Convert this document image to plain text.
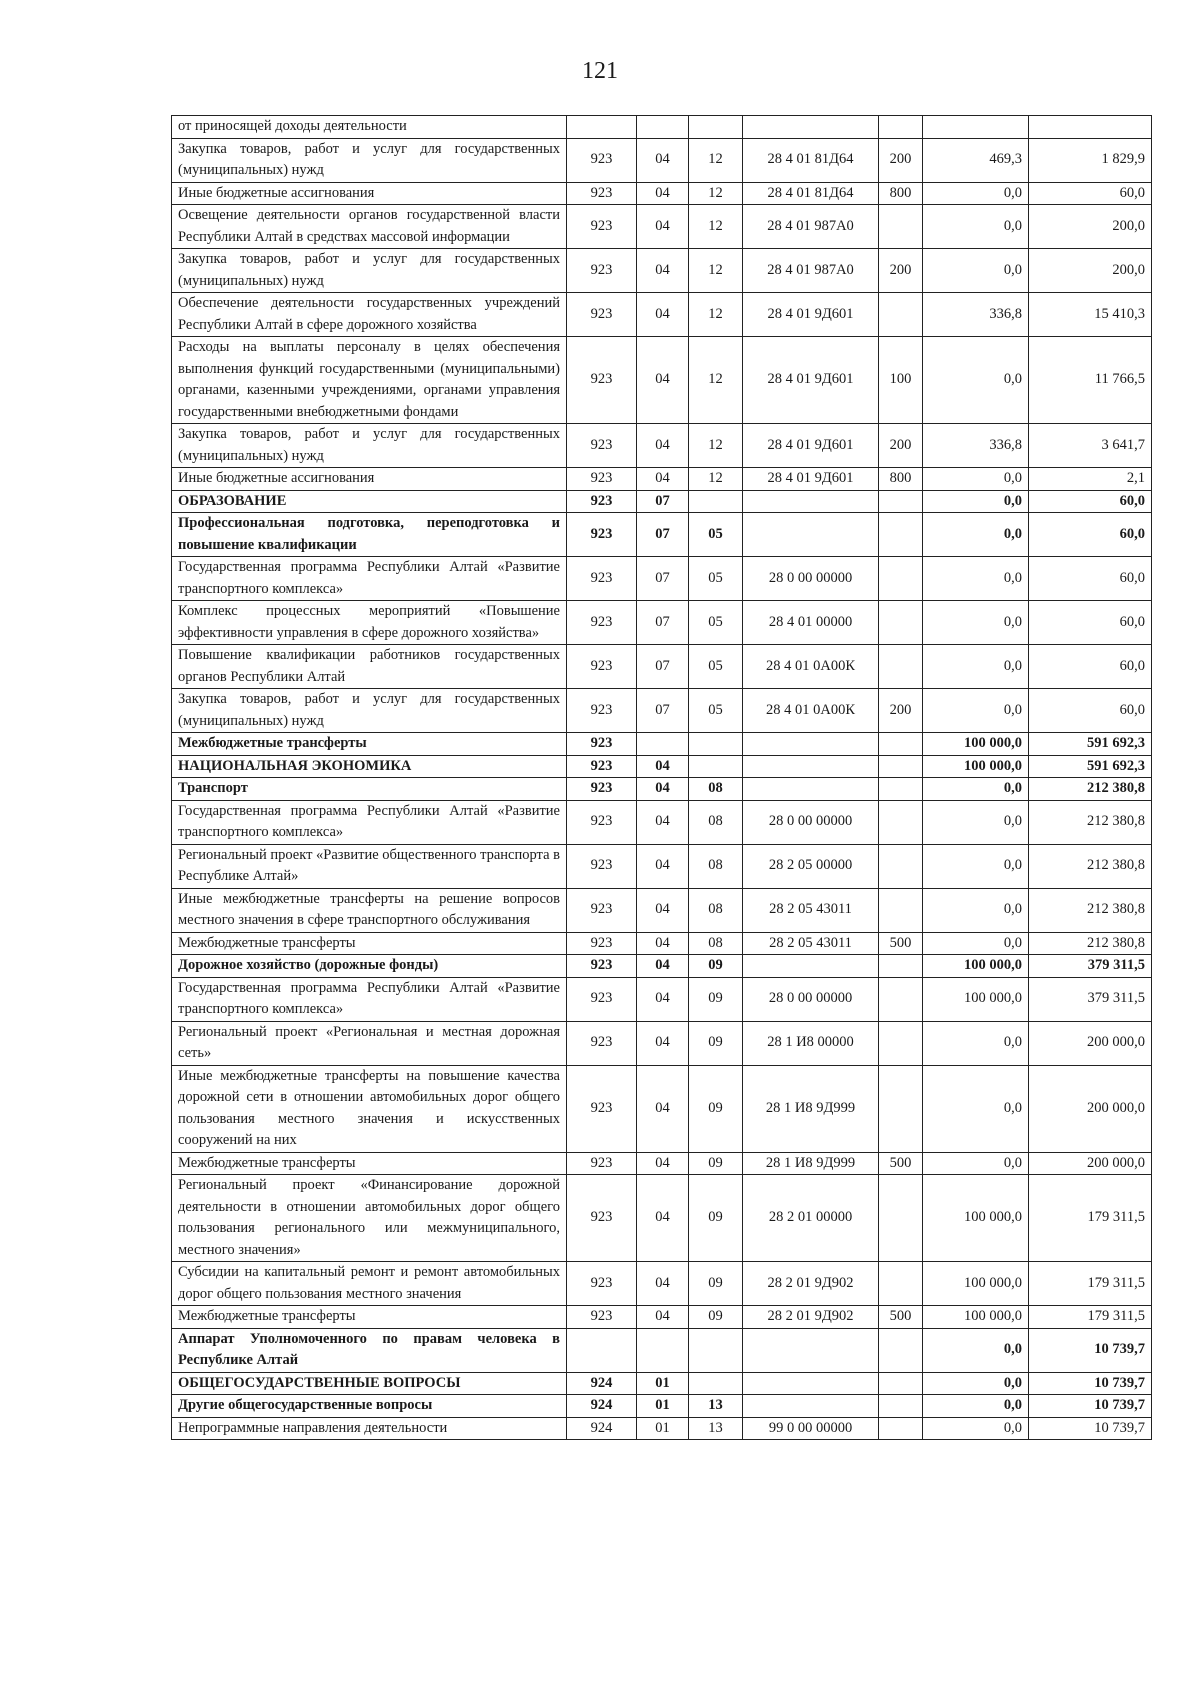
121
от приносящей доходы деятельности							
Закупка товаров, работ и услуг для государственных (муниципальных) нужд	923	04	12	28 4 01 81Д64	200	469,3	1 829,9
Иные бюджетные ассигнования	923	04	12	28 4 01 81Д64	800	0,0	60,0
Освещение деятельности органов государственной власти Республики Алтай в средствах массовой информации	923	04	12	28 4 01 987А0		0,0	200,0
Закупка товаров, работ и услуг для государственных (муниципальных) нужд	923	04	12	28 4 01 987А0	200	0,0	200,0
Обеспечение деятельности государственных учреждений Республики Алтай в сфере дорожного хозяйства	923	04	12	28 4 01 9Д601		336,8	15 410,3
Расходы на выплаты персоналу в целях обеспечения выполнения функций государственными (муниципальными) органами, казенными учреждениями, органами управления государственными внебюджетными фондами	923	04	12	28 4 01 9Д601	100	0,0	11 766,5
Закупка товаров, работ и услуг для государственных (муниципальных) нужд	923	04	12	28 4 01 9Д601	200	336,8	3 641,7
Иные бюджетные ассигнования	923	04	12	28 4 01 9Д601	800	0,0	2,1
ОБРАЗОВАНИЕ	923	07				0,0	60,0
Профессиональная подготовка, переподготовка и повышение квалификации	923	07	05			0,0	60,0
Государственная программа Республики Алтай «Развитие транспортного комплекса»	923	07	05	28 0 00 00000		0,0	60,0
Комплекс процессных мероприятий «Повышение эффективности управления в сфере дорожного хозяйства»	923	07	05	28 4 01 00000		0,0	60,0
Повышение квалификации работников государственных органов Республики Алтай	923	07	05	28 4 01 0А00К		0,0	60,0
Закупка товаров, работ и услуг для государственных (муниципальных) нужд	923	07	05	28 4 01 0А00К	200	0,0	60,0
Межбюджетные трансферты	923					100 000,0	591 692,3
НАЦИОНАЛЬНАЯ ЭКОНОМИКА	923	04				100 000,0	591 692,3
Транспорт	923	04	08			0,0	212 380,8
Государственная программа Республики Алтай «Развитие транспортного комплекса»	923	04	08	28 0 00 00000		0,0	212 380,8
Региональный проект «Развитие общественного транспорта в Республике Алтай»	923	04	08	28 2 05 00000		0,0	212 380,8
Иные межбюджетные трансферты на решение вопросов местного значения в сфере транспортного обслуживания	923	04	08	28 2 05 43011		0,0	212 380,8
Межбюджетные трансферты	923	04	08	28 2 05 43011	500	0,0	212 380,8
Дорожное хозяйство (дорожные фонды)	923	04	09			100 000,0	379 311,5
Государственная программа Республики Алтай «Развитие транспортного комплекса»	923	04	09	28 0 00 00000		100 000,0	379 311,5
Региональный проект «Региональная и местная дорожная сеть»	923	04	09	28 1 И8 00000		0,0	200 000,0
Иные межбюджетные трансферты на повышение качества дорожной сети в отношении автомобильных дорог общего пользования местного значения и искусственных сооружений на них	923	04	09	28 1 И8 9Д999		0,0	200 000,0
Межбюджетные трансферты	923	04	09	28 1 И8 9Д999	500	0,0	200 000,0
Региональный проект «Финансирование дорожной деятельности в отношении автомобильных дорог общего пользования регионального или межмуниципального, местного значения»	923	04	09	28 2 01 00000		100 000,0	179 311,5
Субсидии на капитальный ремонт и ремонт автомобильных дорог общего пользования местного значения	923	04	09	28 2 01 9Д902		100 000,0	179 311,5
Межбюджетные трансферты	923	04	09	28 2 01 9Д902	500	100 000,0	179 311,5
Аппарат Уполномоченного по правам человека в Республике Алтай						0,0	10 739,7
ОБЩЕГОСУДАРСТВЕННЫЕ ВОПРОСЫ	924	01				0,0	10 739,7
Другие общегосударственные вопросы	924	01	13			0,0	10 739,7
Непрограммные направления деятельности	924	01	13	99 0 00 00000		0,0	10 739,7
